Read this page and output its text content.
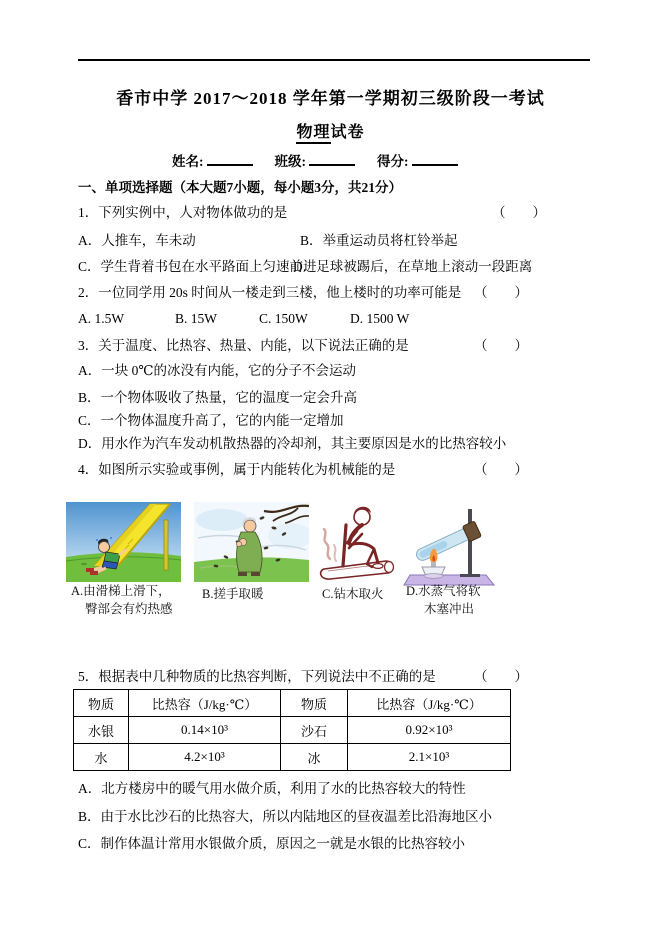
香市中学 2017～2018 学年第一学期初三级阶段一考试
物理试卷
姓名:	班级:	得分:
一、单项选择题（本大题7小题，每小题3分，共21分）
1．下列实例中，人对物体做功的是	（　　）
A．人推车，车未动	B．举重运动员将杠铃举起
C．学生背着书包在水平路面上匀速前进
D．足球被踢后，在草地上滚动一段距离
2．一位同学用 20s 时间从一楼走到三楼，他上楼时的功率可能是 （　　）
A. 1.5W	B. 15W	C. 150W	D. 1500 W
3．关于温度、比热容、热量、内能，以下说法正确的是	（　　）
A．一块 0℃的冰没有内能，它的分子不会运动
B．一个物体吸收了热量，它的温度一定会升高
C．一个物体温度升高了，它的内能一定增加
D．用水作为汽车发动机散热器的冷却剂，其主要原因是水的比热容较小
4．如图所示实验或事例，属于内能转化为机械能的是	（　　）
A.由滑梯上滑下，
臀部会有灼热感
B.搓手取暖	C.钻木取火 D.水蒸气将软
木塞冲出
5．根据表中几种物质的比热容判断，下列说法中不正确的是	（　　）
物质	比热容（J/kg·℃）	物质	比热容（J/kg·℃）
水银	0.14×10³	沙石	0.92×10³
水	4.2×10³	冰	2.1×10³
A．北方楼房中的暖气用水做介质，利用了水的比热容较大的特性
B．由于水比沙石的比热容大，所以内陆地区的昼夜温差比沿海地区小
C．制作体温计常用水银做介质，原因之一就是水银的比热容较小
